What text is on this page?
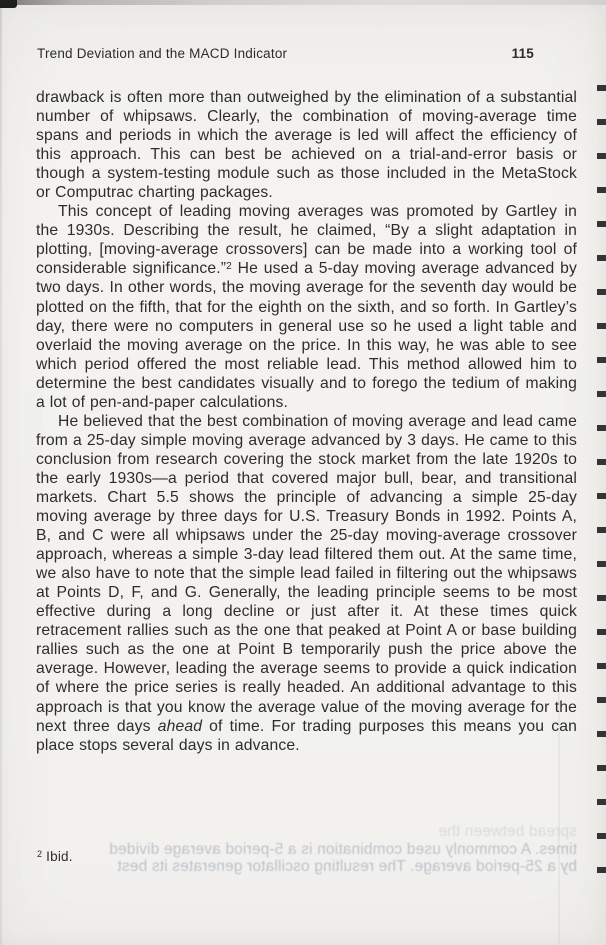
Trend Deviation and the MACD Indicator	115
spread between the
times. A commonly used combination is a 5-period average divided
by a 25-period average. The resulting oscillator generates its best

drawback is often more than outweighed by the elimination of a substantial number of whipsaws. Clearly, the combination of moving-average time spans and periods in which the average is led will affect the efficiency of this approach. This can best be achieved on a trial-and-error basis or though a system-testing module such as those included in the MetaStock or Computrac charting packages.

This concept of leading moving averages was promoted by Gartley in the 1930s. Describing the result, he claimed, “By a slight adaptation in plotting, [moving-average crossovers] can be made into a working tool of considerable significance.”$^2$ He used a 5-day moving average advanced by two days. In other words, the moving average for the seventh day would be plotted on the fifth, that for the eighth on the sixth, and so forth. In Gartley’s day, there were no computers in general use so he used a light table and overlaid the moving average on the price. In this way, he was able to see which period offered the most reliable lead. This method allowed him to determine the best candidates visually and to forego the tedium of making a lot of pen-and-paper calculations.

He believed that the best combination of moving average and lead came from a 25-day simple moving average advanced by 3 days. He came to this conclusion from research covering the stock market from the late 1920s to the early 1930s—a period that covered major bull, bear, and transitional markets. Chart 5.5 shows the principle of advancing a simple 25-day moving average by three days for U.S. Treasury Bonds in 1992. Points A, B, and C were all whipsaws under the 25-day moving-average crossover approach, whereas a simple 3-day lead filtered them out. At the same time, we also have to note that the simple lead failed in filtering out the whipsaws at Points D, F, and G. Generally, the leading principle seems to be most effective during a long decline or just after it. At these times quick retracement rallies such as the one that peaked at Point A or base building rallies such as the one at Point B temporarily push the price above the average. However, leading the average seems to provide a quick indication of where the price series is really headed. An additional advantage to this approach is that you know the average value of the moving average for the next three days ahead of time. For trading purposes this means you can place stops several days in advance.

$^2$ Ibid.
